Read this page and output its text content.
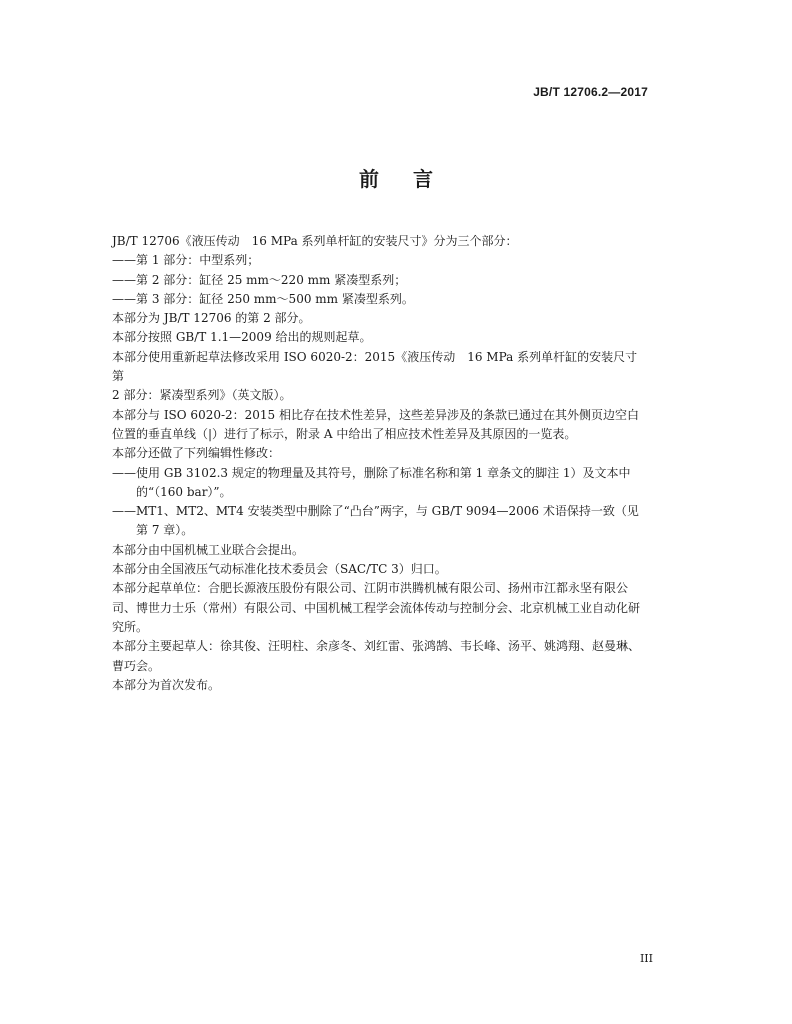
JB/T 12706.2—2017
前 言

JB/T 12706《液压传动　16 MPa 系列单杆缸的安装尺寸》分为三个部分：

——第 1 部分：中型系列；

——第 2 部分：缸径 25 mm～220 mm 紧凑型系列；

——第 3 部分：缸径 250 mm～500 mm 紧凑型系列。

本部分为 JB/T 12706 的第 2 部分。

本部分按照 GB/T 1.1—2009 给出的规则起草。

本部分使用重新起草法修改采用 ISO 6020-2：2015《液压传动　16 MPa 系列单杆缸的安装尺寸　第

2 部分：紧凑型系列》（英文版）。

本部分与 ISO 6020-2：2015 相比存在技术性差异，这些差异涉及的条款已通过在其外侧页边空白

位置的垂直单线（|）进行了标示，附录 A 中给出了相应技术性差异及其原因的一览表。

本部分还做了下列编辑性修改：

—— 使用 GB 3102.3 规定的物理量及其符号，删除了标准名称和第 1 章条文的脚注 1）及文本中

的“（160 bar）”。

—— MT1、MT2、MT4 安装类型中删除了“凸台”两字，与 GB/T 9094—2006 术语保持一致（见

第 7 章）。

本部分由中国机械工业联合会提出。

本部分由全国液压气动标准化技术委员会（SAC/TC 3）归口。

本部分起草单位：合肥长源液压股份有限公司、江阴市洪腾机械有限公司、扬州市江都永坚有限公

司、博世力士乐（常州）有限公司、中国机械工程学会流体传动与控制分会、北京机械工业自动化研

究所。

本部分主要起草人：徐其俊、汪明柱、余彦冬、刘红雷、张鸿鹄、韦长峰、汤平、姚鸿翔、赵曼琳、

曹巧会。

本部分为首次发布。

III
